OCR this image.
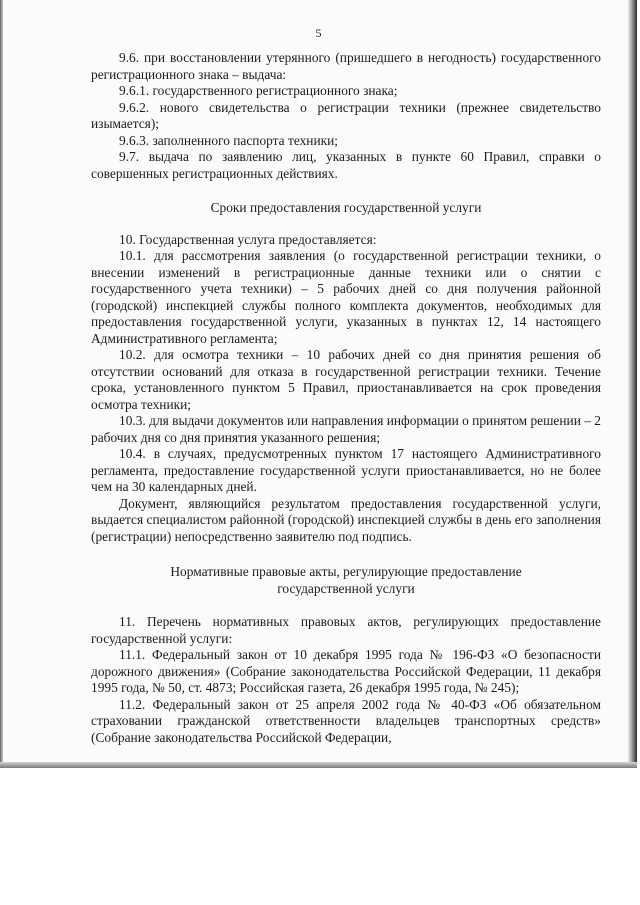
5

9.6. при восстановлении утерянного (пришедшего в негодность) государственного регистрационного знака – выдача:

9.6.1. государственного регистрационного знака;

9.6.2. нового свидетельства о регистрации техники (прежнее свидетельство изымается);

9.6.3. заполненного паспорта техники;

9.7. выдача по заявлению лиц, указанных в пункте 60 Правил, справки о совершенных регистрационных действиях.

Сроки предоставления государственной услуги

10. Государственная услуга предоставляется:

10.1. для рассмотрения заявления (о государственной регистрации техники, о внесении изменений в регистрационные данные техники или о снятии с государственного учета техники) – 5 рабочих дней со дня получения районной (городской) инспекцией службы полного комплекта документов, необходимых для предоставления государственной услуги, указанных в пунктах 12, 14 настоящего Административного регламента;

10.2. для осмотра техники – 10 рабочих дней со дня принятия решения об отсутствии оснований для отказа в государственной регистрации техники. Течение срока, установленного пунктом 5 Правил, приостанавливается на срок проведения осмотра техники;

10.3. для выдачи документов или направления информации о принятом решении – 2 рабочих дня со дня принятия указанного решения;

10.4. в случаях, предусмотренных пунктом 17 настоящего Административного регламента, предоставление государственной услуги приостанавливается, но не более чем на 30 календарных дней.

Документ, являющийся результатом предоставления государственной услуги, выдается специалистом районной (городской) инспекцией службы в день его заполнения (регистрации) непосредственно заявителю под подпись.

Нормативные правовые акты, регулирующие предоставление
государственной услуги

11. Перечень нормативных правовых актов, регулирующих предоставление государственной услуги:

11.1. Федеральный закон от 10 декабря 1995 года № 196-ФЗ «О безопасности дорожного движения» (Собрание законодательства Российской Федерации, 11 декабря 1995 года, № 50, ст. 4873; Российская газета, 26 декабря 1995 года, № 245);

11.2. Федеральный закон от 25 апреля 2002 года № 40-ФЗ «Об обязательном страховании гражданской ответственности владельцев транспортных средств» (Собрание законодательства Российской Федерации,
